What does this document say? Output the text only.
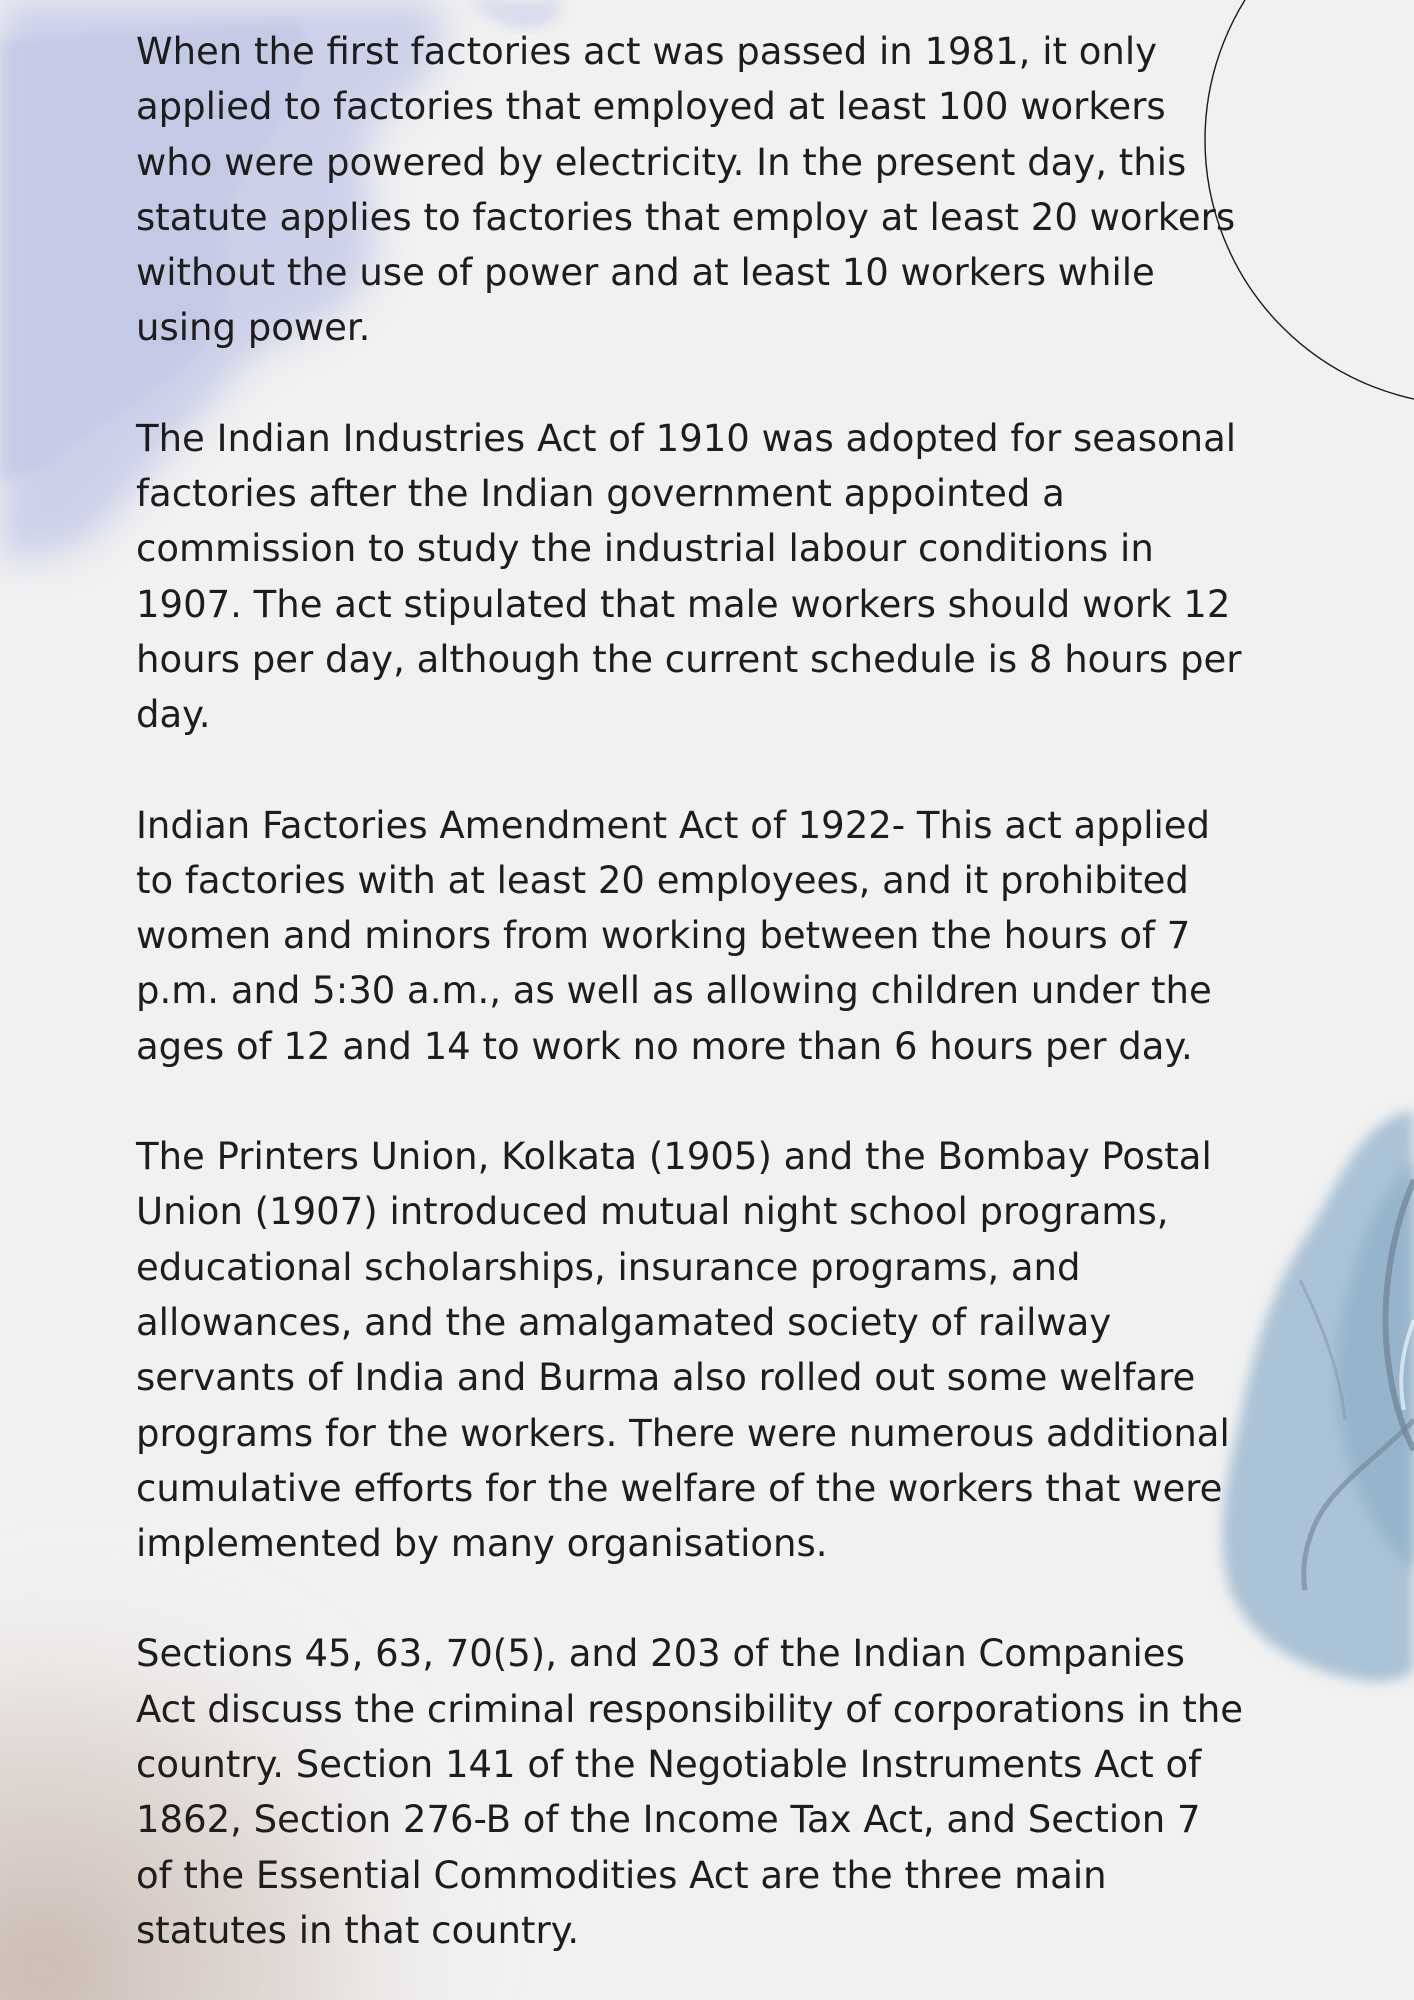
When the first factories act was passed in 1981, it only applied to factories that employed at least 100 workers who were powered by electricity. In the present day, this statute applies to factories that employ at least 20 workers without the use of power and at least 10 workers while using power.

The Indian Industries Act of 1910 was adopted for seasonal factories after the Indian government appointed a commission to study the industrial labour conditions in 1907. The act stipulated that male workers should work 12 hours per day, although the current schedule is 8 hours per day.

Indian Factories Amendment Act of 1922- This act applied to factories with at least 20 employees, and it prohibited women and minors from working between the hours of 7 p.m. and 5:30 a.m., as well as allowing children under the ages of 12 and 14 to work no more than 6 hours per day.

The Printers Union, Kolkata (1905) and the Bombay Postal Union (1907) introduced mutual night school programs, educational scholarships, insurance programs, and allowances, and the amalgamated society of railway servants of India and Burma also rolled out some welfare programs for the workers. There were numerous additional cumulative efforts for the welfare of the workers that were implemented by many organisations.

Sections 45, 63, 70(5), and 203 of the Indian Companies Act discuss the criminal responsibility of corporations in the country. Section 141 of the Negotiable Instruments Act of 1862, Section 276-B of the Income Tax Act, and Section 7 of the Essential Commodities Act are the three main statutes in that country.
